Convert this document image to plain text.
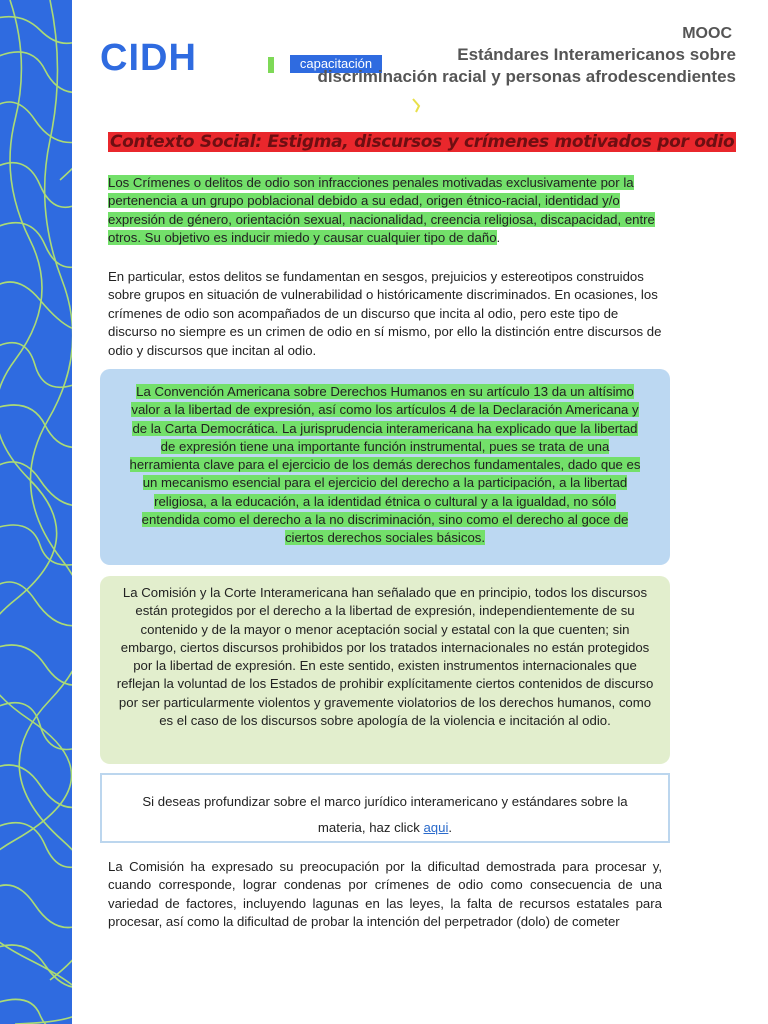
CIDH	capacitación
MOOC
Estándares Interamericanos sobre
discriminación racial y personas afrodescendientes
Contexto Social: Estigma, discursos y crímenes motivados por odio
Los Crímenes o delitos de odio son infracciones penales motivadas exclusivamente por la pertenencia a un grupo poblacional debido a su edad, origen étnico-racial, identidad y/o expresión de género, orientación sexual, nacionalidad, creencia religiosa, discapacidad, entre otros. Su objetivo es inducir miedo y causar cualquier tipo de daño.
En particular, estos delitos se fundamentan en sesgos, prejuicios y estereotipos construidos sobre grupos en situación de vulnerabilidad o históricamente discriminados. En ocasiones, los crímenes de odio son acompañados de un discurso que incita al odio, pero este tipo de discurso no siempre es un crimen de odio en sí mismo, por ello la distinción entre discursos de odio y discursos que incitan al odio.
La Convención Americana sobre Derechos Humanos en su artículo 13 da un altísimo valor a la libertad de expresión, así como los artículos 4 de la Declaración Americana y de la Carta Democrática. La jurisprudencia interamericana ha explicado que la libertad de expresión tiene una importante función instrumental, pues se trata de una herramienta clave para el ejercicio de los demás derechos fundamentales, dado que es un mecanismo esencial para el ejercicio del derecho a la participación, a la libertad religiosa, a la educación, a la identidad étnica o cultural y a la igualdad, no sólo entendida como el derecho a la no discriminación, sino como el derecho al goce de ciertos derechos sociales básicos.
La Comisión y la Corte Interamericana han señalado que en principio, todos los discursos están protegidos por el derecho a la libertad de expresión, independientemente de su contenido y de la mayor o menor aceptación social y estatal con la que cuenten; sin embargo, ciertos discursos prohibidos por los tratados internacionales no están protegidos por la libertad de expresión. En este sentido, existen instrumentos internacionales que reflejan la voluntad de los Estados de prohibir explícitamente ciertos contenidos de discurso por ser particularmente violentos y gravemente violatorios de los derechos humanos, como es el caso de los discursos sobre apología de la violencia e incitación al odio.
Si deseas profundizar sobre el marco jurídico interamericano y estándares sobre la materia, haz click aqui.
La Comisión ha expresado su preocupación por la dificultad demostrada para procesar y, cuando corresponde, lograr condenas por crímenes de odio como consecuencia de una variedad de factores, incluyendo lagunas en las leyes, la falta de recursos estatales para procesar, así como la dificultad de probar la intención del perpetrador (dolo) de cometer
